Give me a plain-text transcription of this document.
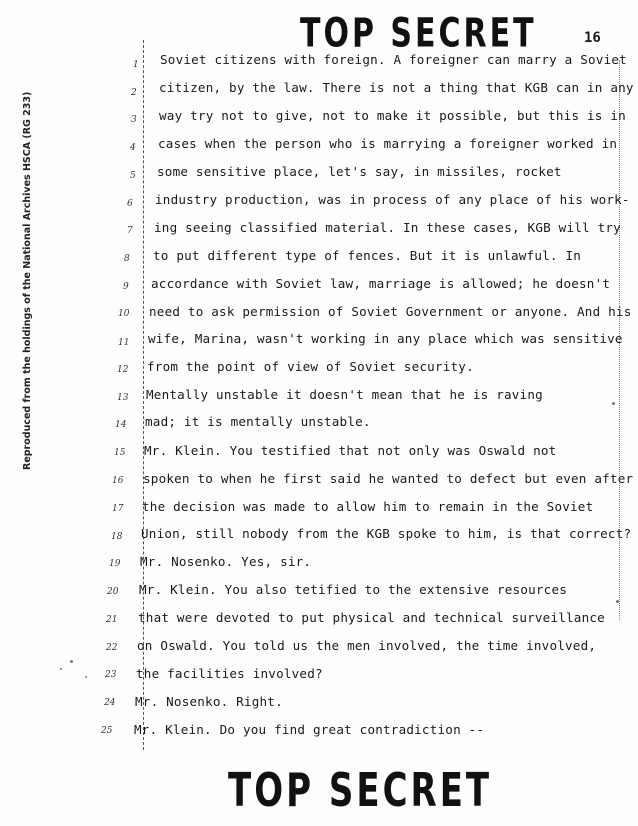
TOP SECRET	16
Reproduced from the holdings of the National Archives HSCA (RG 233)
1
2
3
4
5
6
7
8
9
10
11
12
13
14
15
16
17
18
19
20
21
22
23
24
25
Soviet citizens with foreign. A foreigner can marry a Soviet
citizen, by the law. There is not a thing that KGB can in any
way try not to give, not to make it possible, but this is in
cases when the person who is marrying a foreigner worked in
some sensitive place, let's say, in missiles, rocket
industry production, was in process of any place of his work-
ing seeing classified material. In these cases, KGB will try
to put different type of fences. But it is unlawful. In
accordance with Soviet law, marriage is allowed; he doesn't
need to ask permission of Soviet Government or anyone. And his
wife, Marina, wasn't working in any place which was sensitive
from the point of view of Soviet security.
Mentally unstable it doesn't mean that he is raving
mad; it is mentally unstable.
Mr. Klein. You testified that not only was Oswald not
spoken to when he first said he wanted to defect but even after
the decision was made to allow him to remain in the Soviet
Union, still nobody from the KGB spoke to him, is that correct?
Mr. Nosenko. Yes, sir.
Mr. Klein. You also tetified to the extensive resources
that were devoted to put physical and technical surveillance
on Oswald. You told us the men involved, the time involved,
the facilities involved?
Mr. Nosenko. Right.
Mr. Klein. Do you find great contradiction --
TOP SECRET
